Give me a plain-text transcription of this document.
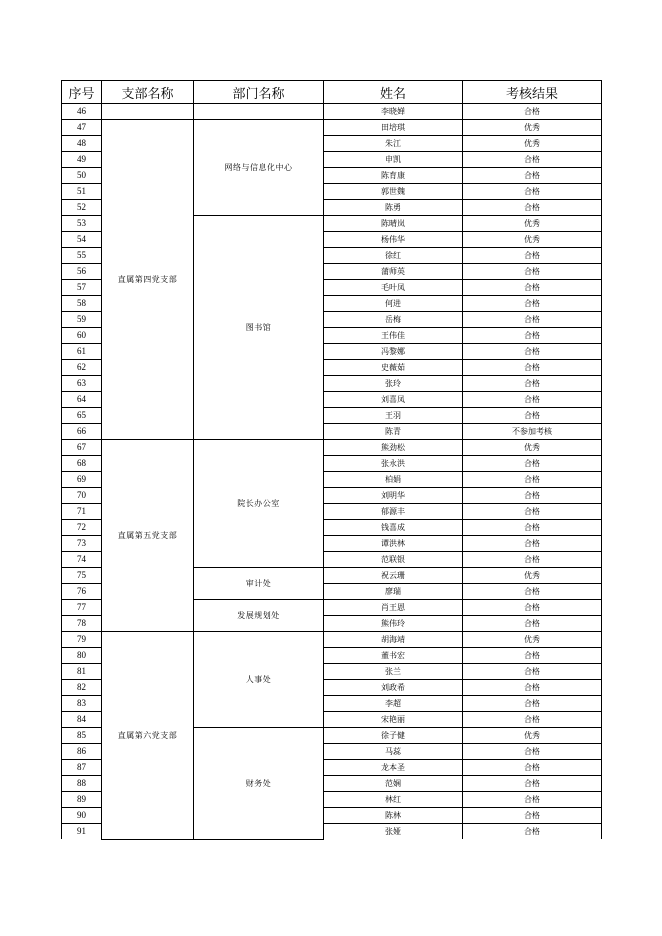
序号	支部名称	部门名称	姓名	考核结果
46			李晓婵	合格
47	直属第四党支部	网络与信息化中心	田培琪	优秀
48			朱江	优秀
49			申凯	合格
50			陈育康	合格
51			郭世魏	合格
52			陈勇	合格
53		图书馆	陈晴岚	优秀
54			杨伟华	优秀
55			徐红	合格
56			蒲师英	合格
57			毛叶凤	合格
58			何进	合格
59			岳梅	合格
60			王伟佳	合格
61			冯黎娜	合格
62			史薇茹	合格
63			张玲	合格
64			刘喜凤	合格
65			王羽	合格
66			陈青	不参加考核
67	直属第五党支部	院长办公室	熊劲松	优秀
68			张永洪	合格
69			柏娟	合格
70			刘明华	合格
71			郁源丰	合格
72			钱喜成	合格
73			谭洪林	合格
74			范联银	合格
75		审计处	祝云珊	优秀
76			廖瑞	合格
77		发展规划处	肖王恩	合格
78			熊伟玲	合格
79	直属第六党支部	人事处	胡海靖	优秀
80			董书宏	合格
81			张兰	合格
82			刘政希	合格
83			李超	合格
84			宋艳丽	合格
85		财务处	徐子健	优秀
86			马蕊	合格
87			龙本圣	合格
88			范娴	合格
89			林红	合格
90			陈林	合格
91			张娅	合格
